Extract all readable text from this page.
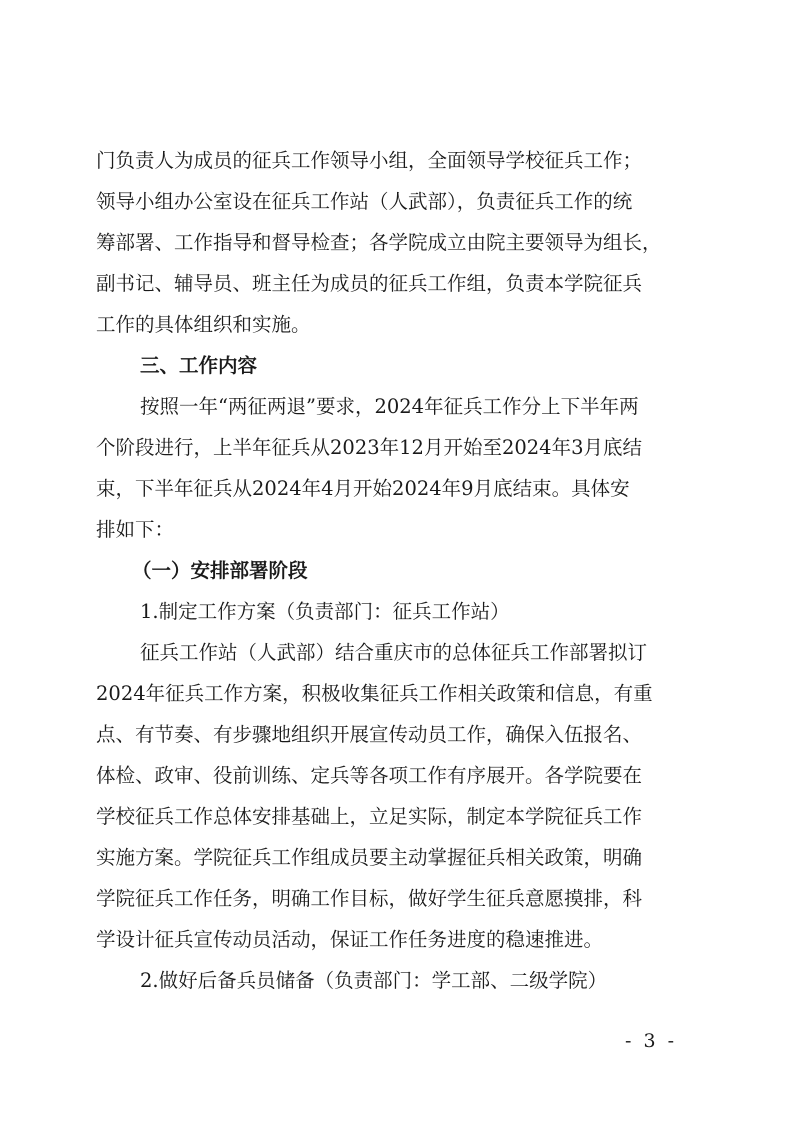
门负责人为成员的征兵工作领导小组，全面领导学校征兵工作；
领导小组办公室设在征兵工作站（人武部），负责征兵工作的统
筹部署、工作指导和督导检查；各学院成立由院主要领导为组长，
副书记、辅导员、班主任为成员的征兵工作组，负责本学院征兵
工作的具体组织和实施。
三、工作内容
按照一年“两征两退”要求，2024年征兵工作分上下半年两
个阶段进行，上半年征兵从2023年12月开始至2024年3月底结
束，下半年征兵从2024年4月开始2024年9月底结束。具体安
排如下：
（一）安排部署阶段
1.制定工作方案（负责部门：征兵工作站）
征兵工作站（人武部）结合重庆市的总体征兵工作部署拟订
2024年征兵工作方案，积极收集征兵工作相关政策和信息，有重
点、有节奏、有步骤地组织开展宣传动员工作，确保入伍报名、
体检、政审、役前训练、定兵等各项工作有序展开。各学院要在
学校征兵工作总体安排基础上，立足实际，制定本学院征兵工作
实施方案。学院征兵工作组成员要主动掌握征兵相关政策，明确
学院征兵工作任务，明确工作目标，做好学生征兵意愿摸排，科
学设计征兵宣传动员活动，保证工作任务进度的稳速推进。
2.做好后备兵员储备（负责部门：学工部、二级学院）
- 3 -
